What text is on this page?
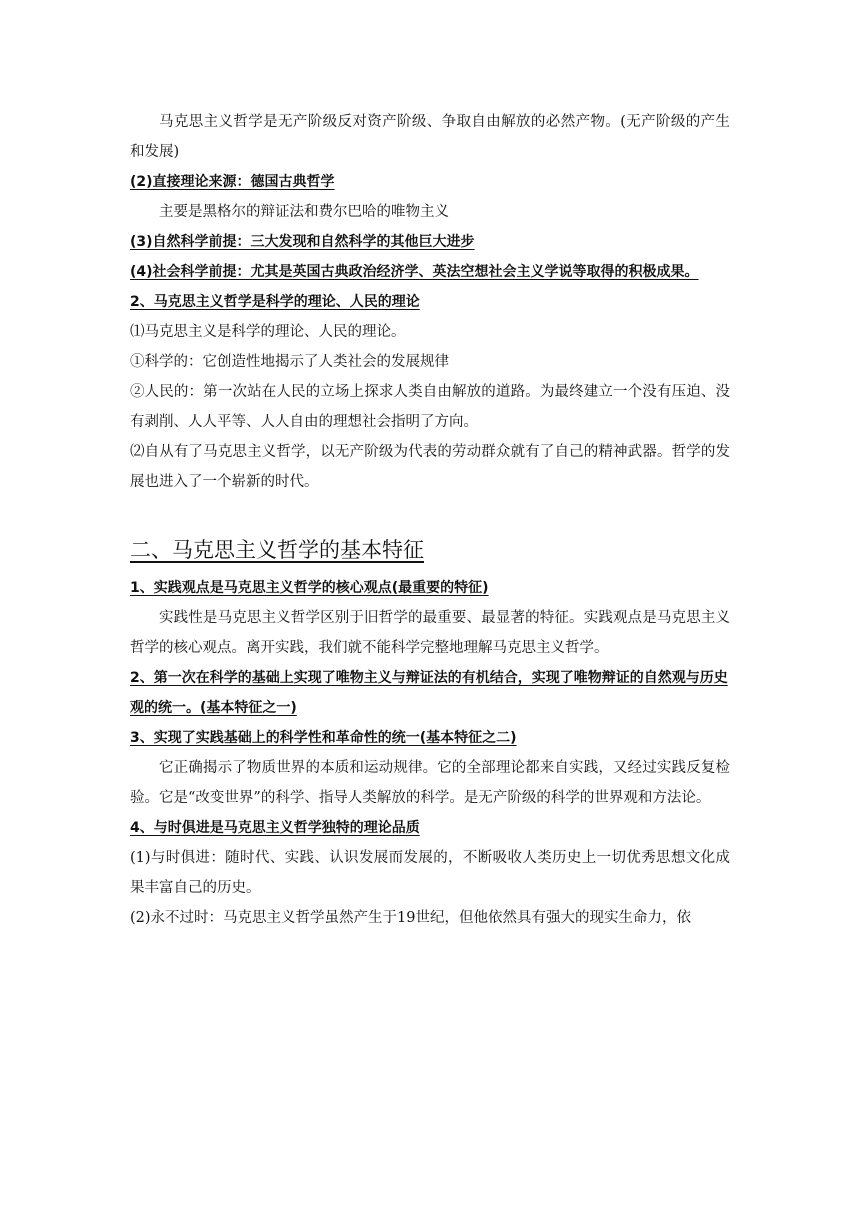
马克思主义哲学是无产阶级反对资产阶级、争取自由解放的必然产物。(无产阶级的产生和发展)

(2)直接理论来源：德国古典哲学

主要是黑格尔的辩证法和费尔巴哈的唯物主义

(3)自然科学前提：三大发现和自然科学的其他巨大进步

(4)社会科学前提：尤其是英国古典政治经济学、英法空想社会主义学说等取得的积极成果。

2、马克思主义哲学是科学的理论、人民的理论

⑴马克思主义是科学的理论、人民的理论。

①科学的：它创造性地揭示了人类社会的发展规律

②人民的：第一次站在人民的立场上探求人类自由解放的道路。为最终建立一个没有压迫、没有剥削、人人平等、人人自由的理想社会指明了方向。

⑵自从有了马克思主义哲学，以无产阶级为代表的劳动群众就有了自己的精神武器。哲学的发展也进入了一个崭新的时代。

二、马克思主义哲学的基本特征

1、实践观点是马克思主义哲学的核心观点(最重要的特征)

实践性是马克思主义哲学区别于旧哲学的最重要、最显著的特征。实践观点是马克思主义哲学的核心观点。离开实践，我们就不能科学完整地理解马克思主义哲学。

2、第一次在科学的基础上实现了唯物主义与辩证法的有机结合，实现了唯物辩证的自然观与历史观的统一。(基本特征之一)

3、实现了实践基础上的科学性和革命性的统一(基本特征之二)

它正确揭示了物质世界的本质和运动规律。它的全部理论都来自实践，又经过实践反复检验。它是“改变世界”的科学、指导人类解放的科学。是无产阶级的科学的世界观和方法论。

4、与时俱进是马克思主义哲学独特的理论品质

(1)与时俱进：随时代、实践、认识发展而发展的，不断吸收人类历史上一切优秀思想文化成果丰富自己的历史。

(2)永不过时：马克思主义哲学虽然产生于19世纪，但他依然具有强大的现实生命力，依
